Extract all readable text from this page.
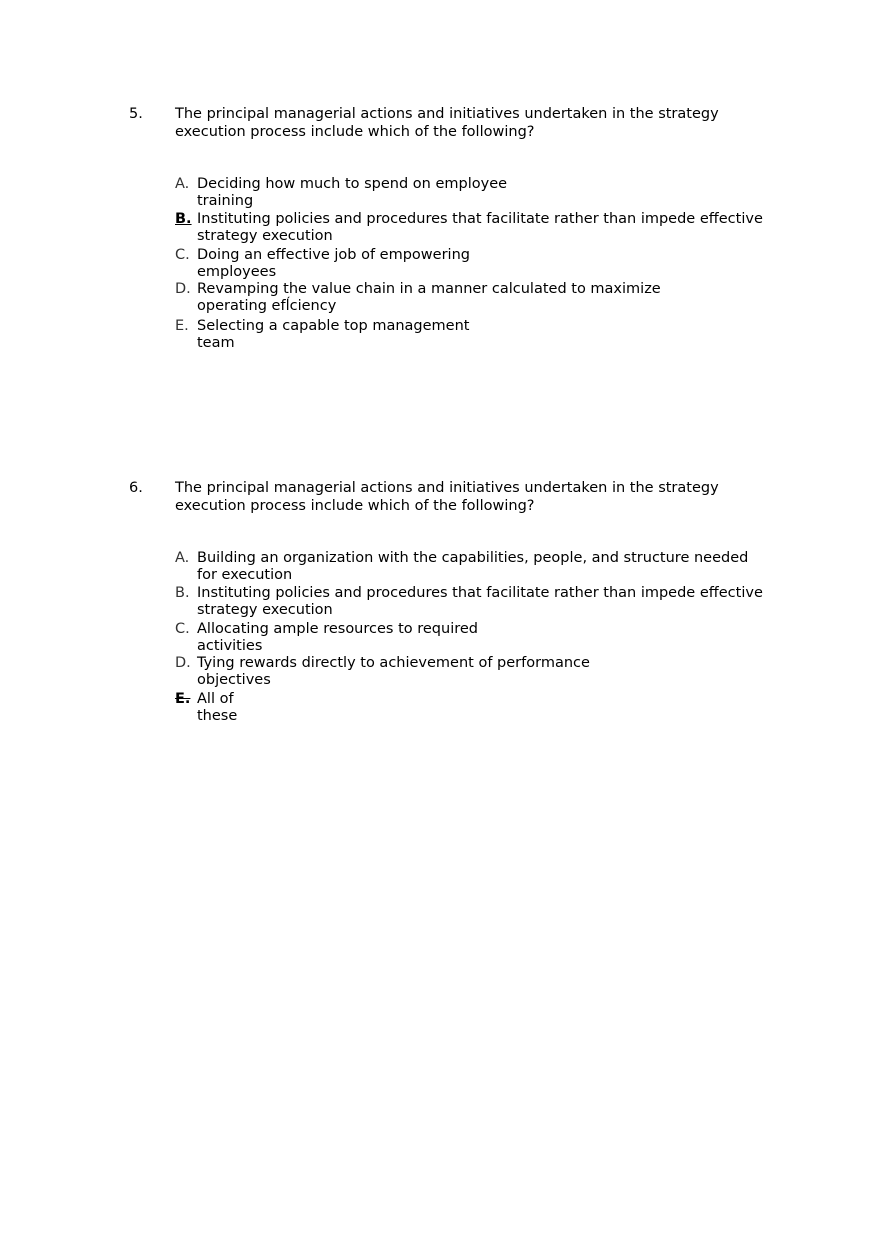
5. The principal managerial actions and initiatives undertaken in the strategy
execution process include which of the following?
A. Deciding how much to spend on employee
training
B. Instituting policies and procedures that facilitate rather than impede effective
strategy execution
C. Doing an effective job of empowering
employees
D. Revamping the value chain in a manner calculated to maximize
operating efĺciency
E. Selecting a capable top management
team
6. The principal managerial actions and initiatives undertaken in the strategy
execution process include which of the following?
A. Building an organization with the capabilities, people, and structure needed
for execution
B. Instituting policies and procedures that facilitate rather than impede effective
strategy execution
C. Allocating ample resources to required
activities
D. Tying rewards directly to achievement of performance
objectives
E. All of
these
